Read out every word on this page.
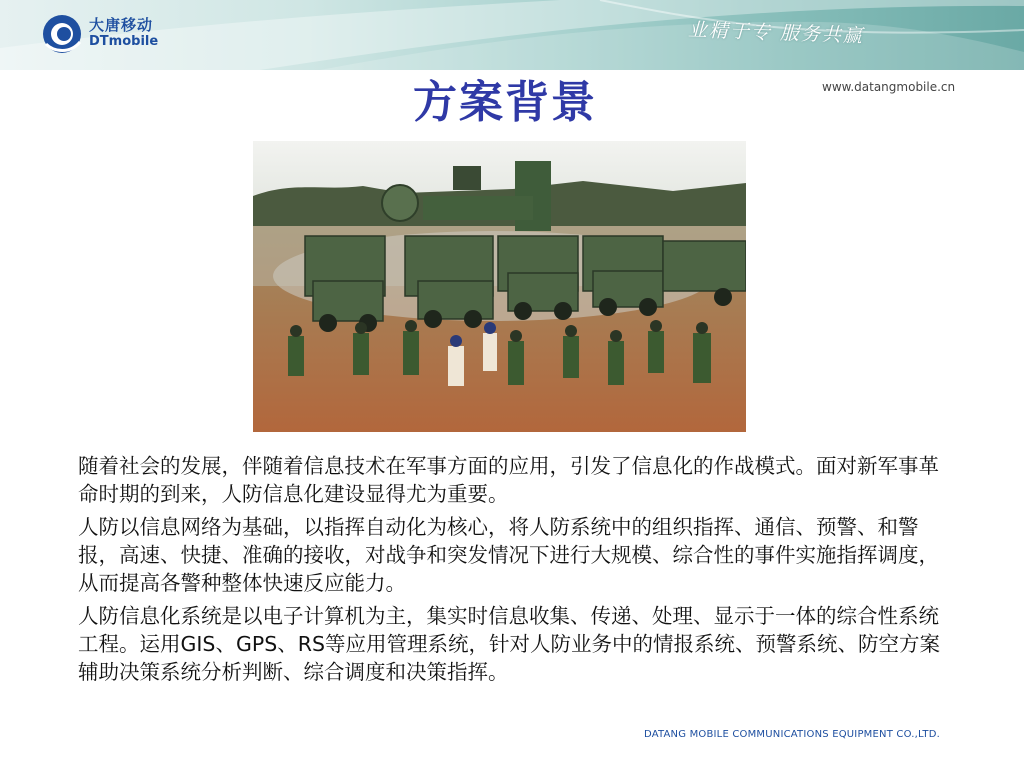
大唐移动
DTmobile	业精于专 服务共赢
方案背景	www.datangmobile.cn

随着社会的发展，伴随着信息技术在军事方面的应用，引发了信息化的作战模式。面对新军事革命时期的到来，人防信息化建设显得尤为重要。

人防以信息网络为基础，以指挥自动化为核心，将人防系统中的组织指挥、通信、预警、和警报，高速、快捷、准确的接收，对战争和突发情况下进行大规模、综合性的事件实施指挥调度，从而提高各警种整体快速反应能力。

人防信息化系统是以电子计算机为主，集实时信息收集、传递、处理、显示于一体的综合性系统工程。运用GIS、GPS、RS等应用管理系统，针对人防业务中的情报系统、预警系统、防空方案辅助决策系统分析判断、综合调度和决策指挥。

DATANG MOBILE COMMUNICATIONS EQUIPMENT CO.,LTD.
